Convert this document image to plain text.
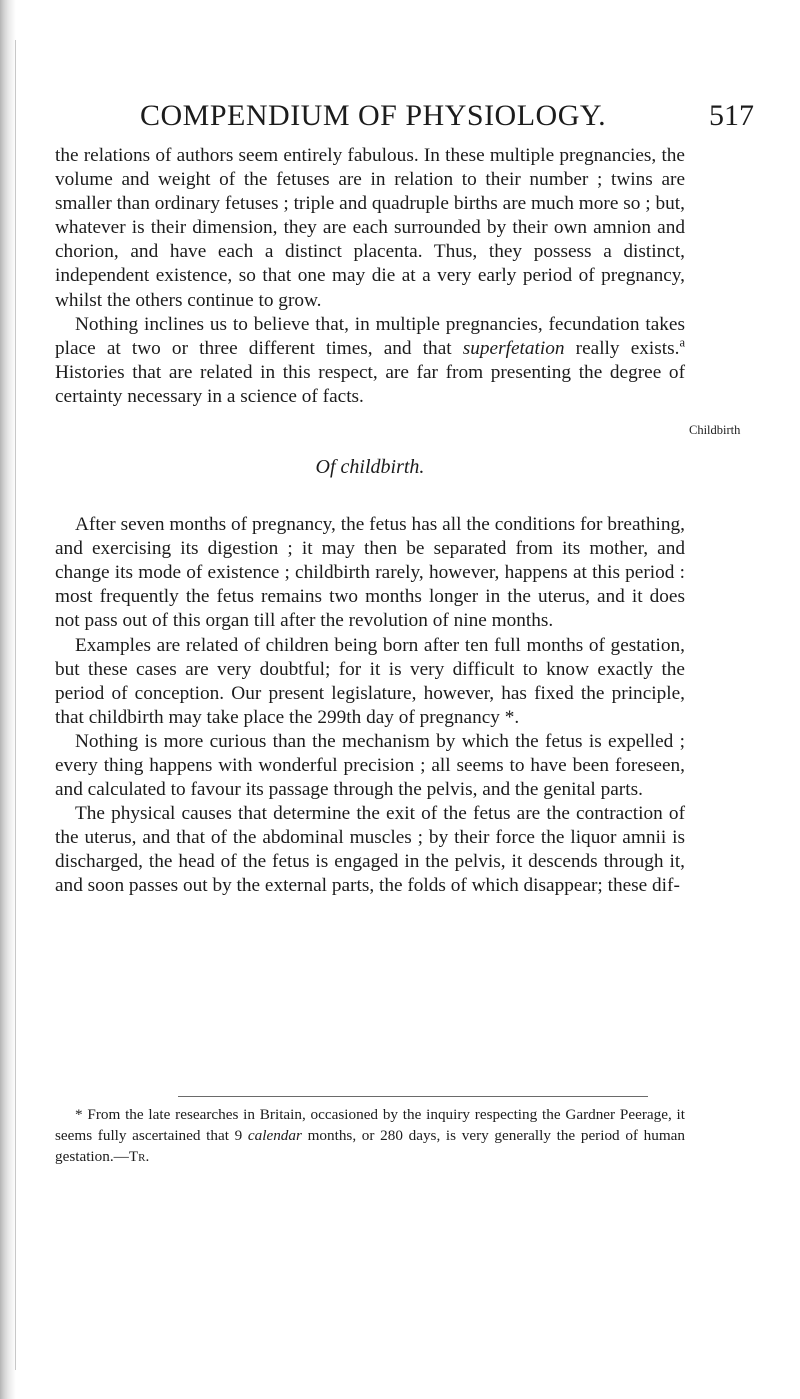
COMPENDIUM OF PHYSIOLOGY.	517

the relations of authors seem entirely fabulous. In these multiple pregnancies, the volume and weight of the fetuses are in relation to their number ; twins are smaller than ordinary fetuses ; triple and quadruple births are much more so ; but, whatever is their dimension, they are each surrounded by their own amnion and chorion, and have each a distinct placenta. Thus, they possess a distinct, independent existence, so that one may die at a very early period of pregnancy, whilst the others continue to grow.

Nothing inclines us to believe that, in multiple pregnancies, fecundation takes place at two or three different times, and that superfetation really exists.$^a$ Histories that are related in this respect, are far from presenting the degree of certainty necessary in a science of facts.

Of childbirth.

After seven months of pregnancy, the fetus has all the conditions for breathing, and exercising its digestion ; it may then be separated from its mother, and change its mode of existence ; childbirth rarely, however, happens at this period : most frequently the fetus remains two months longer in the uterus, and it does not pass out of this organ till after the revolution of nine months.

Examples are related of children being born after ten full months of gestation, but these cases are very doubtful; for it is very difficult to know exactly the period of conception. Our present legislature, however, has fixed the principle, that childbirth may take place the 299th day of pregnancy *.

Nothing is more curious than the mechanism by which the fetus is expelled ; every thing happens with wonderful precision ; all seems to have been foreseen, and calculated to favour its passage through the pelvis, and the genital parts.

The physical causes that determine the exit of the fetus are the contraction of the uterus, and that of the abdominal muscles ; by their force the liquor amnii is discharged, the head of the fetus is engaged in the pelvis, it descends through it, and soon passes out by the external parts, the folds of which disappear; these dif-

Childbirth

* From the late researches in Britain, occasioned by the inquiry respecting the Gardner Peerage, it seems fully ascertained that 9 calendar months, or 280 days, is very generally the period of human gestation.—Tr.
